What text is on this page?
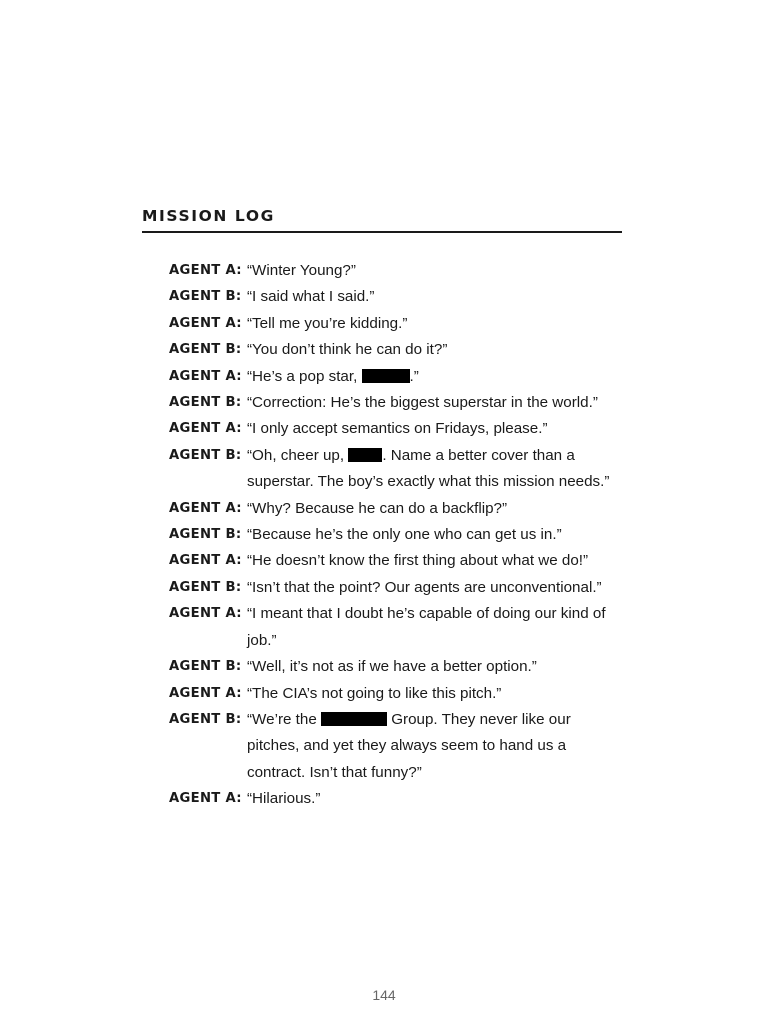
MISSION LOG
AGENT A: “Winter Young?”
AGENT B: “I said what I said.”
AGENT A: “Tell me you’re kidding.”
AGENT B: “You don’t think he can do it?”
AGENT A: “He’s a pop star,	.”
AGENT B: “Correction: He’s the biggest superstar in the world.”
AGENT A: “I only accept semantics on Fridays, please.”
AGENT B: “Oh, cheer up, . Name a better cover than a superstar. The boy’s exactly what this mission needs.”
AGENT A: “Why? Because he can do a backflip?”
AGENT B: “Because he’s the only one who can get us in.”
AGENT A: “He doesn’t know the first thing about what we do!”
AGENT B: “Isn’t that the point? Our agents are unconventional.”
AGENT A: “I meant that I doubt he’s capable of doing our kind of job.”
AGENT B: “Well, it’s not as if we have a better option.”
AGENT A: “The CIA’s not going to like this pitch.”
AGENT B: “We’re the	Group. They never like our pitches, and yet they always seem to hand us a contract. Isn’t that funny?”
AGENT A: “Hilarious.”
144
